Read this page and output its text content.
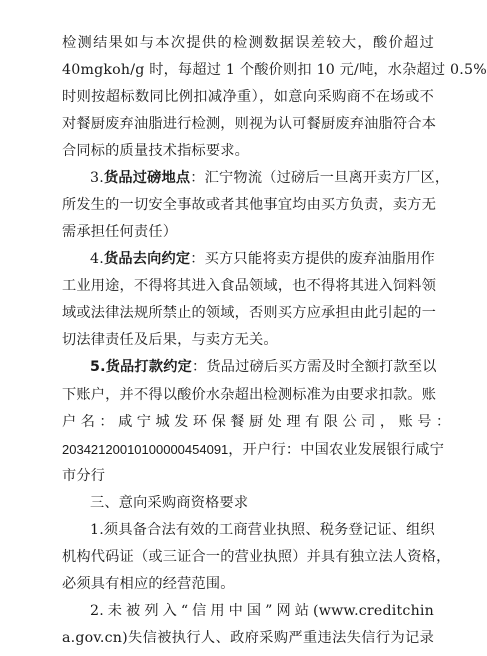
检测结果如与本次提供的检测数据误差较大，酸价超过
40mgkoh/g 时，每超过 1 个酸价则扣 10 元/吨，水杂超过 0.5%
时则按超标数同比例扣减净重），如意向采购商不在场或不
对餐厨废弃油脂进行检测，则视为认可餐厨废弃油脂符合本
合同标的质量技术指标要求。
3.货品过磅地点：汇宁物流（过磅后一旦离开卖方厂区，
所发生的一切安全事故或者其他事宜均由买方负责，卖方无
需承担任何责任）
4.货品去向约定：买方只能将卖方提供的废弃油脂用作
工业用途，不得将其进入食品领域，也不得将其进入饲料领
域或法律法规所禁止的领域，否则买方应承担由此引起的一
切法律责任及后果，与卖方无关。
5.货品打款约定：货品过磅后买方需及时全额打款至以
下账户，并不得以酸价水杂超出检测标准为由要求扣款。账
户 名 ： 咸 宁 城 发 环 保 餐 厨 处 理 有 限 公 司 ， 账 号 ：
20342120010100000454091，开户行：中国农业发展银行咸宁
市分行
三、意向采购商资格要求
1.须具备合法有效的工商营业执照、税务登记证、组织
机构代码证（或三证合一的营业执照）并具有独立法人资格，
必须具有相应的经营范围。
2.未被列入“信用中国”网站(www.creditchin
a.gov.cn)失信被执行人、政府采购严重违法失信行为记录
